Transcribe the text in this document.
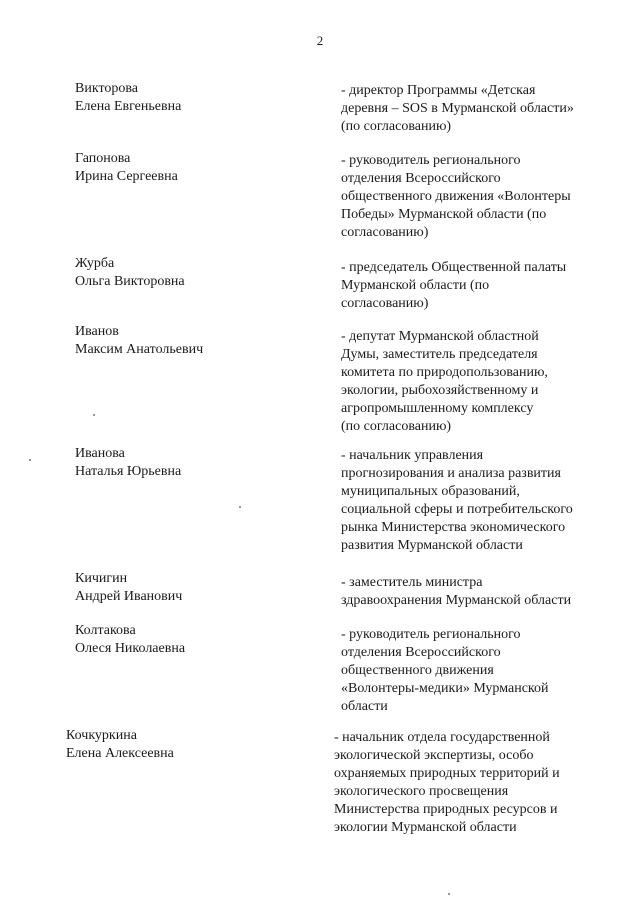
2
Викторова
Елена Евгеньевна
- директор Программы «Детская
деревня – SOS в Мурманской области»
(по согласованию)
Гапонова
Ирина Сергеевна
- руководитель регионального
отделения Всероссийского
общественного движения «Волонтеры
Победы» Мурманской области (по
согласованию)
Журба
Ольга Викторовна
- председатель Общественной палаты
Мурманской области (по
согласованию)
Иванов
Максим Анатольевич
- депутат Мурманской областной
Думы, заместитель председателя
комитета по природопользованию,
экологии, рыбохозяйственному и
агропромышленному комплексу
(по согласованию)
Иванова
Наталья Юрьевна
- начальник управления
прогнозирования и анализа развития
муниципальных образований,
социальной сферы и потребительского
рынка Министерства экономического
развития Мурманской области
Кичигин
Андрей Иванович
- заместитель министра
здравоохранения Мурманской области
Колтакова
Олеся Николаевна
- руководитель регионального
отделения Всероссийского
общественного движения
«Волонтеры-медики» Мурманской
области
Кочкуркина
Елена Алексеевна
- начальник отдела государственной
экологической экспертизы, особо
охраняемых природных территорий и
экологического просвещения
Министерства природных ресурсов и
экологии Мурманской области
